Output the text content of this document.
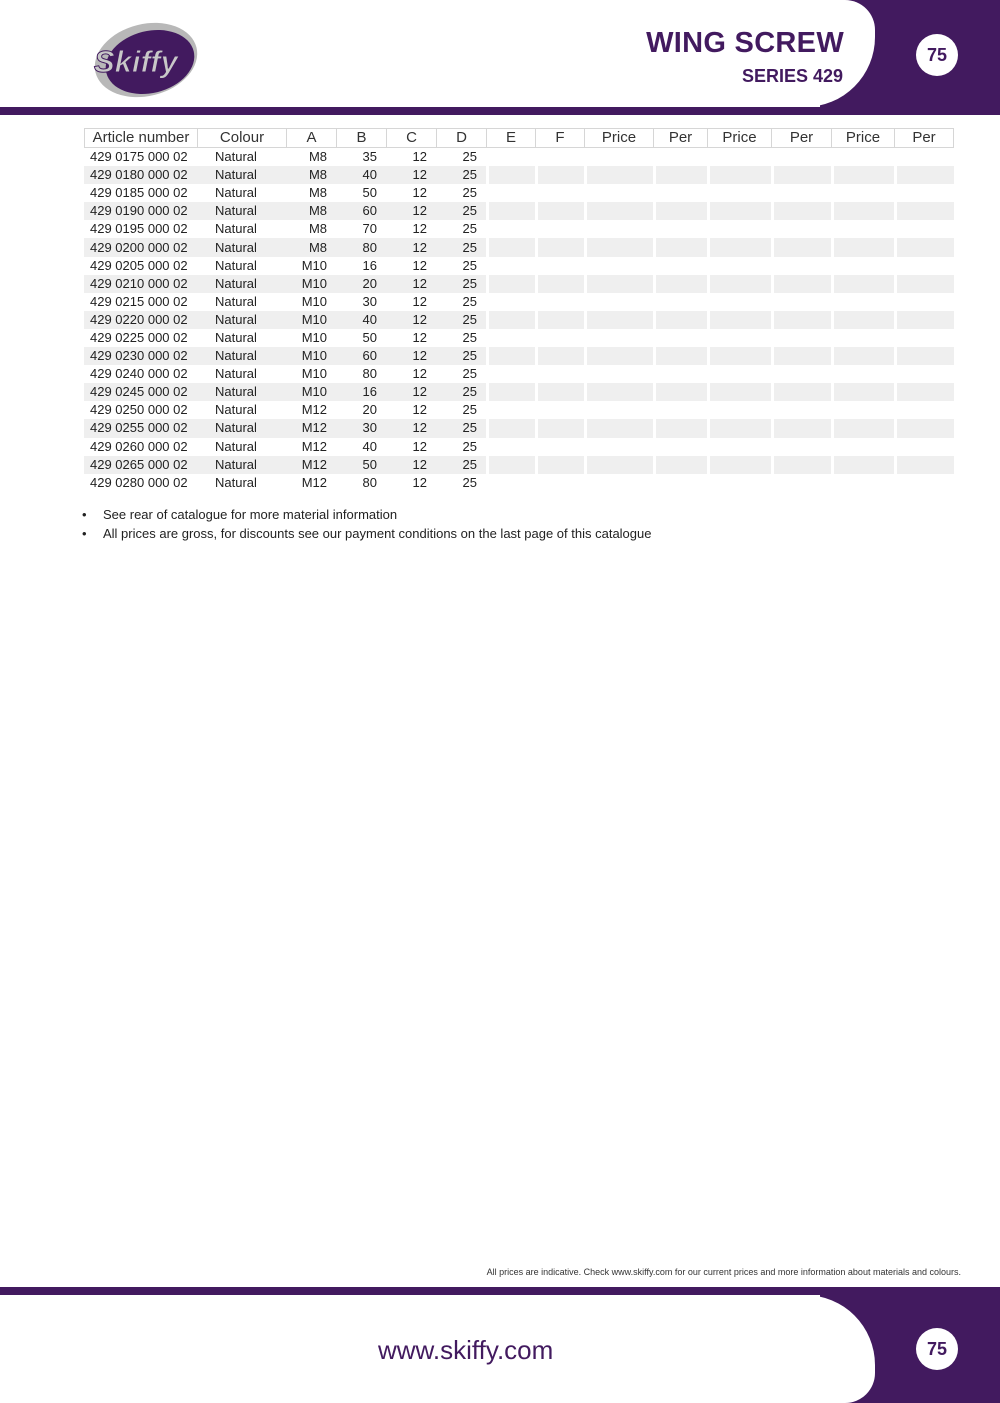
Skiffy
WING SCREW
SERIES 429
75
Article number	Colour	A	B	C	D	E	F	Price	Per	Price	Per	Price	Per
429 0175 000 02	Natural	M8	35	12	25								
429 0180 000 02	Natural	M8	40	12	25								
429 0185 000 02	Natural	M8	50	12	25								
429 0190 000 02	Natural	M8	60	12	25								
429 0195 000 02	Natural	M8	70	12	25								
429 0200 000 02	Natural	M8	80	12	25								
429 0205 000 02	Natural	M10	16	12	25								
429 0210 000 02	Natural	M10	20	12	25								
429 0215 000 02	Natural	M10	30	12	25								
429 0220 000 02	Natural	M10	40	12	25								
429 0225 000 02	Natural	M10	50	12	25								
429 0230 000 02	Natural	M10	60	12	25								
429 0240 000 02	Natural	M10	80	12	25								
429 0245 000 02	Natural	M10	16	12	25								
429 0250 000 02	Natural	M12	20	12	25								
429 0255 000 02	Natural	M12	30	12	25								
429 0260 000 02	Natural	M12	40	12	25								
429 0265 000 02	Natural	M12	50	12	25								
429 0280 000 02	Natural	M12	80	12	25								
• See rear of catalogue for more material information
• All prices are gross, for discounts see our payment conditions on the last page of this catalogue
All prices are indicative. Check www.skiffy.com for our current prices and more information about materials and colours.
www.skiffy.com	75
